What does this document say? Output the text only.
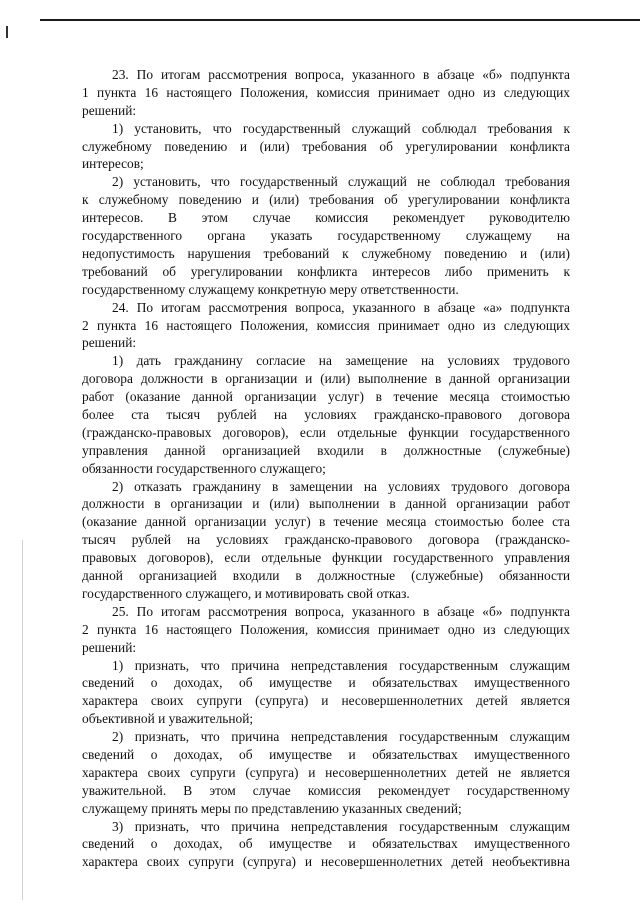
23. По итогам рассмотрения вопроса, указанного в абзаце «б» подпункта
1 пункта 16 настоящего Положения, комиссия принимает одно из следующих
решений:
1) установить, что государственный служащий соблюдал требования к
служебному поведению и (или) требования об урегулировании конфликта
интересов;
2) установить, что государственный служащий не соблюдал требования
к служебному поведению и (или) требования об урегулировании конфликта
интересов. В этом случае комиссия рекомендует руководителю
государственного органа указать государственному служащему на
недопустимость нарушения требований к служебному поведению и (или)
требований об урегулировании конфликта интересов либо применить к
государственному служащему конкретную меру ответственности.
24. По итогам рассмотрения вопроса, указанного в абзаце «а» подпункта
2 пункта 16 настоящего Положения, комиссия принимает одно из следующих
решений:
1) дать гражданину согласие на замещение на условиях трудового
договора должности в организации и (или) выполнение в данной организации
работ (оказание данной организации услуг) в течение месяца стоимостью
более ста тысяч рублей на условиях гражданско-правового договора
(гражданско-правовых договоров), если отдельные функции государственного
управления данной организацией входили в должностные (служебные)
обязанности государственного служащего;
2) отказать гражданину в замещении на условиях трудового договора
должности в организации и (или) выполнении в данной организации работ
(оказание данной организации услуг) в течение месяца стоимостью более ста
тысяч рублей на условиях гражданско-правового договора (гражданско-
правовых договоров), если отдельные функции государственного управления
данной организацией входили в должностные (служебные) обязанности
государственного служащего, и мотивировать свой отказ.
25. По итогам рассмотрения вопроса, указанного в абзаце «б» подпункта
2 пункта 16 настоящего Положения, комиссия принимает одно из следующих
решений:
1) признать, что причина непредставления государственным служащим
сведений о доходах, об имуществе и обязательствах имущественного
характера своих супруги (супруга) и несовершеннолетних детей является
объективной и уважительной;
2) признать, что причина непредставления государственным служащим
сведений о доходах, об имуществе и обязательствах имущественного
характера своих супруги (супруга) и несовершеннолетних детей не является
уважительной. В этом случае комиссия рекомендует государственному
служащему принять меры по представлению указанных сведений;
3) признать, что причина непредставления государственным служащим
сведений о доходах, об имуществе и обязательствах имущественного
характера своих супруги (супруга) и несовершеннолетних детей необъективна
